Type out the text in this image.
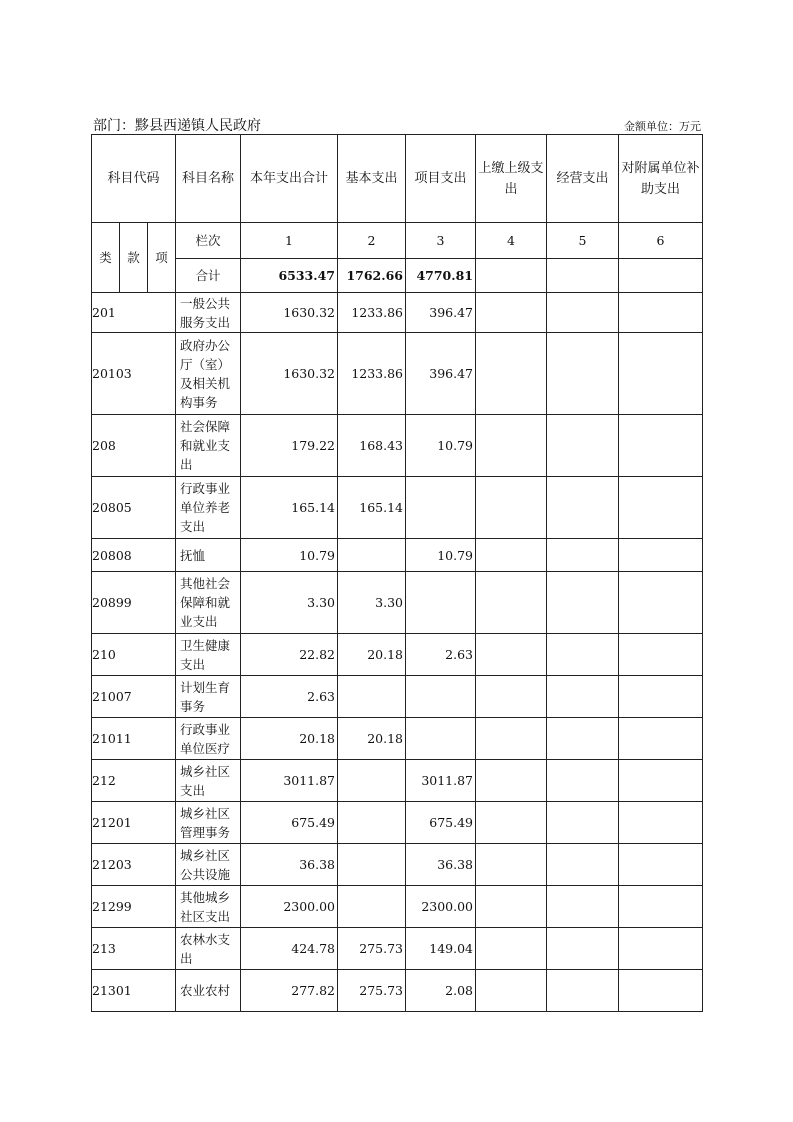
部门：黟县西递镇人民政府	金额单位：万元
科目代码			科目名称	本年支出合计	基本支出	项目支出	上缴上级支出	经营支出	对附属单位补助支出
类	款	项	栏次	1	2	3	4	5	6
			合计	6533.47	1762.66	4770.81			
201			一般公共服务支出	1630.32	1233.86	396.47			
20103			政府办公厅（室）及相关机构事务	1630.32	1233.86	396.47			
208			社会保障和就业支出	179.22	168.43	10.79			
20805			行政事业单位养老支出	165.14	165.14				
20808			抚恤	10.79		10.79			
20899			其他社会保障和就业支出	3.30	3.30				
210			卫生健康支出	22.82	20.18	2.63			
21007			计划生育事务	2.63					
21011			行政事业单位医疗	20.18	20.18				
212			城乡社区支出	3011.87		3011.87			
21201			城乡社区管理事务	675.49		675.49			
21203			城乡社区公共设施	36.38		36.38			
21299			其他城乡社区支出	2300.00		2300.00			
213			农林水支出	424.78	275.73	149.04			
21301			农业农村	277.82	275.73	2.08			
